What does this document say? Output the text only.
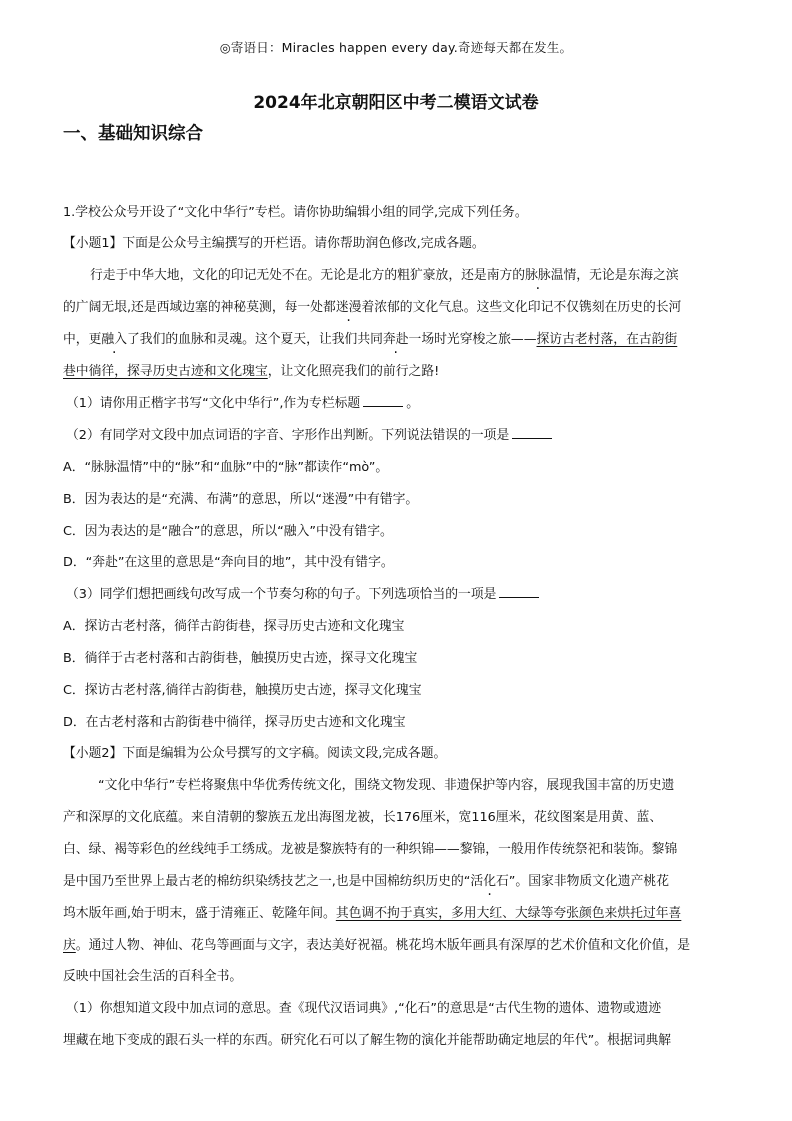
◎寄语日：Miracles happen every day.奇迹每天都在发生。
2024年北京朝阳区中考二模语文试卷
一、基础知识综合
1.学校公众号开设了“文化中华行”专栏。请你协助编辑小组的同学,完成下列任务。
【小题1】下面是公众号主编撰写的开栏语。请你帮助润色修改,完成各题。
行走于中华大地，文化的印记无处不在。无论是北方的粗犷豪放，还是南方的脉脉温情，无论是东海之滨
的广阔无垠,还是西域边塞的神秘莫测，每一处都迷漫着浓郁的文化气息。这些文化印记不仅镌刻在历史的长河
中，更融入了我们的血脉和灵魂。这个夏天，让我们共同奔赴一场时光穿梭之旅——探访古老村落，在古韵街
巷中徜徉，探寻历史古迹和文化瑰宝，让文化照亮我们的前行之路!
（1）请你用正楷字书写“文化中华行”,作为专栏标题	。
（2）有同学对文段中加点词语的字音、字形作出判断。下列说法错误的一项是
A．“脉脉温情”中的“脉”和“血脉”中的“脉”都读作“mò”。
B．因为表达的是“充满、布满”的意思，所以“迷漫”中有错字。
C．因为表达的是“融合”的意思，所以“融入”中没有错字。
D．“奔赴”在这里的意思是“奔向目的地”，其中没有错字。
（3）同学们想把画线句改写成一个节奏匀称的句子。下列选项恰当的一项是
A．探访古老村落，徜徉古韵街巷，探寻历史古迹和文化瑰宝
B．徜徉于古老村落和古韵街巷，触摸历史古迹，探寻文化瑰宝
C．探访古老村落,徜徉古韵街巷，触摸历史古迹，探寻文化瑰宝
D．在古老村落和古韵街巷中徜徉，探寻历史古迹和文化瑰宝
【小题2】下面是编辑为公众号撰写的文字稿。阅读文段,完成各题。
“文化中华行”专栏将聚焦中华优秀传统文化，围绕文物发现、非遗保护等内容，展现我国丰富的历史遗
产和深厚的文化底蕴。来自清朝的黎族五龙出海图龙被，长176厘米，宽116厘米，花纹图案是用黄、蓝、
白、绿、褐等彩色的丝线纯手工绣成。龙被是黎族特有的一种织锦——黎锦，一般用作传统祭祀和装饰。黎锦
是中国乃至世界上最古老的棉纺织染绣技艺之一,也是中国棉纺织历史的“活化石”。国家非物质文化遗产桃花
坞木版年画,始于明末，盛于清雍正、乾隆年间。其色调不拘于真实，多用大红、大绿等夸张颜色来烘托过年喜
庆。通过人物、神仙、花鸟等画面与文字，表达美好祝福。桃花坞木版年画具有深厚的艺术价值和文化价值，是
反映中国社会生活的百科全书。
（1）你想知道文段中加点词的意思。查《现代汉语词典》,“化石”的意思是“古代生物的遗体、遗物或遗迹
埋藏在地下变成的跟石头一样的东西。研究化石可以了解生物的演化并能帮助确定地层的年代”。根据词典解
